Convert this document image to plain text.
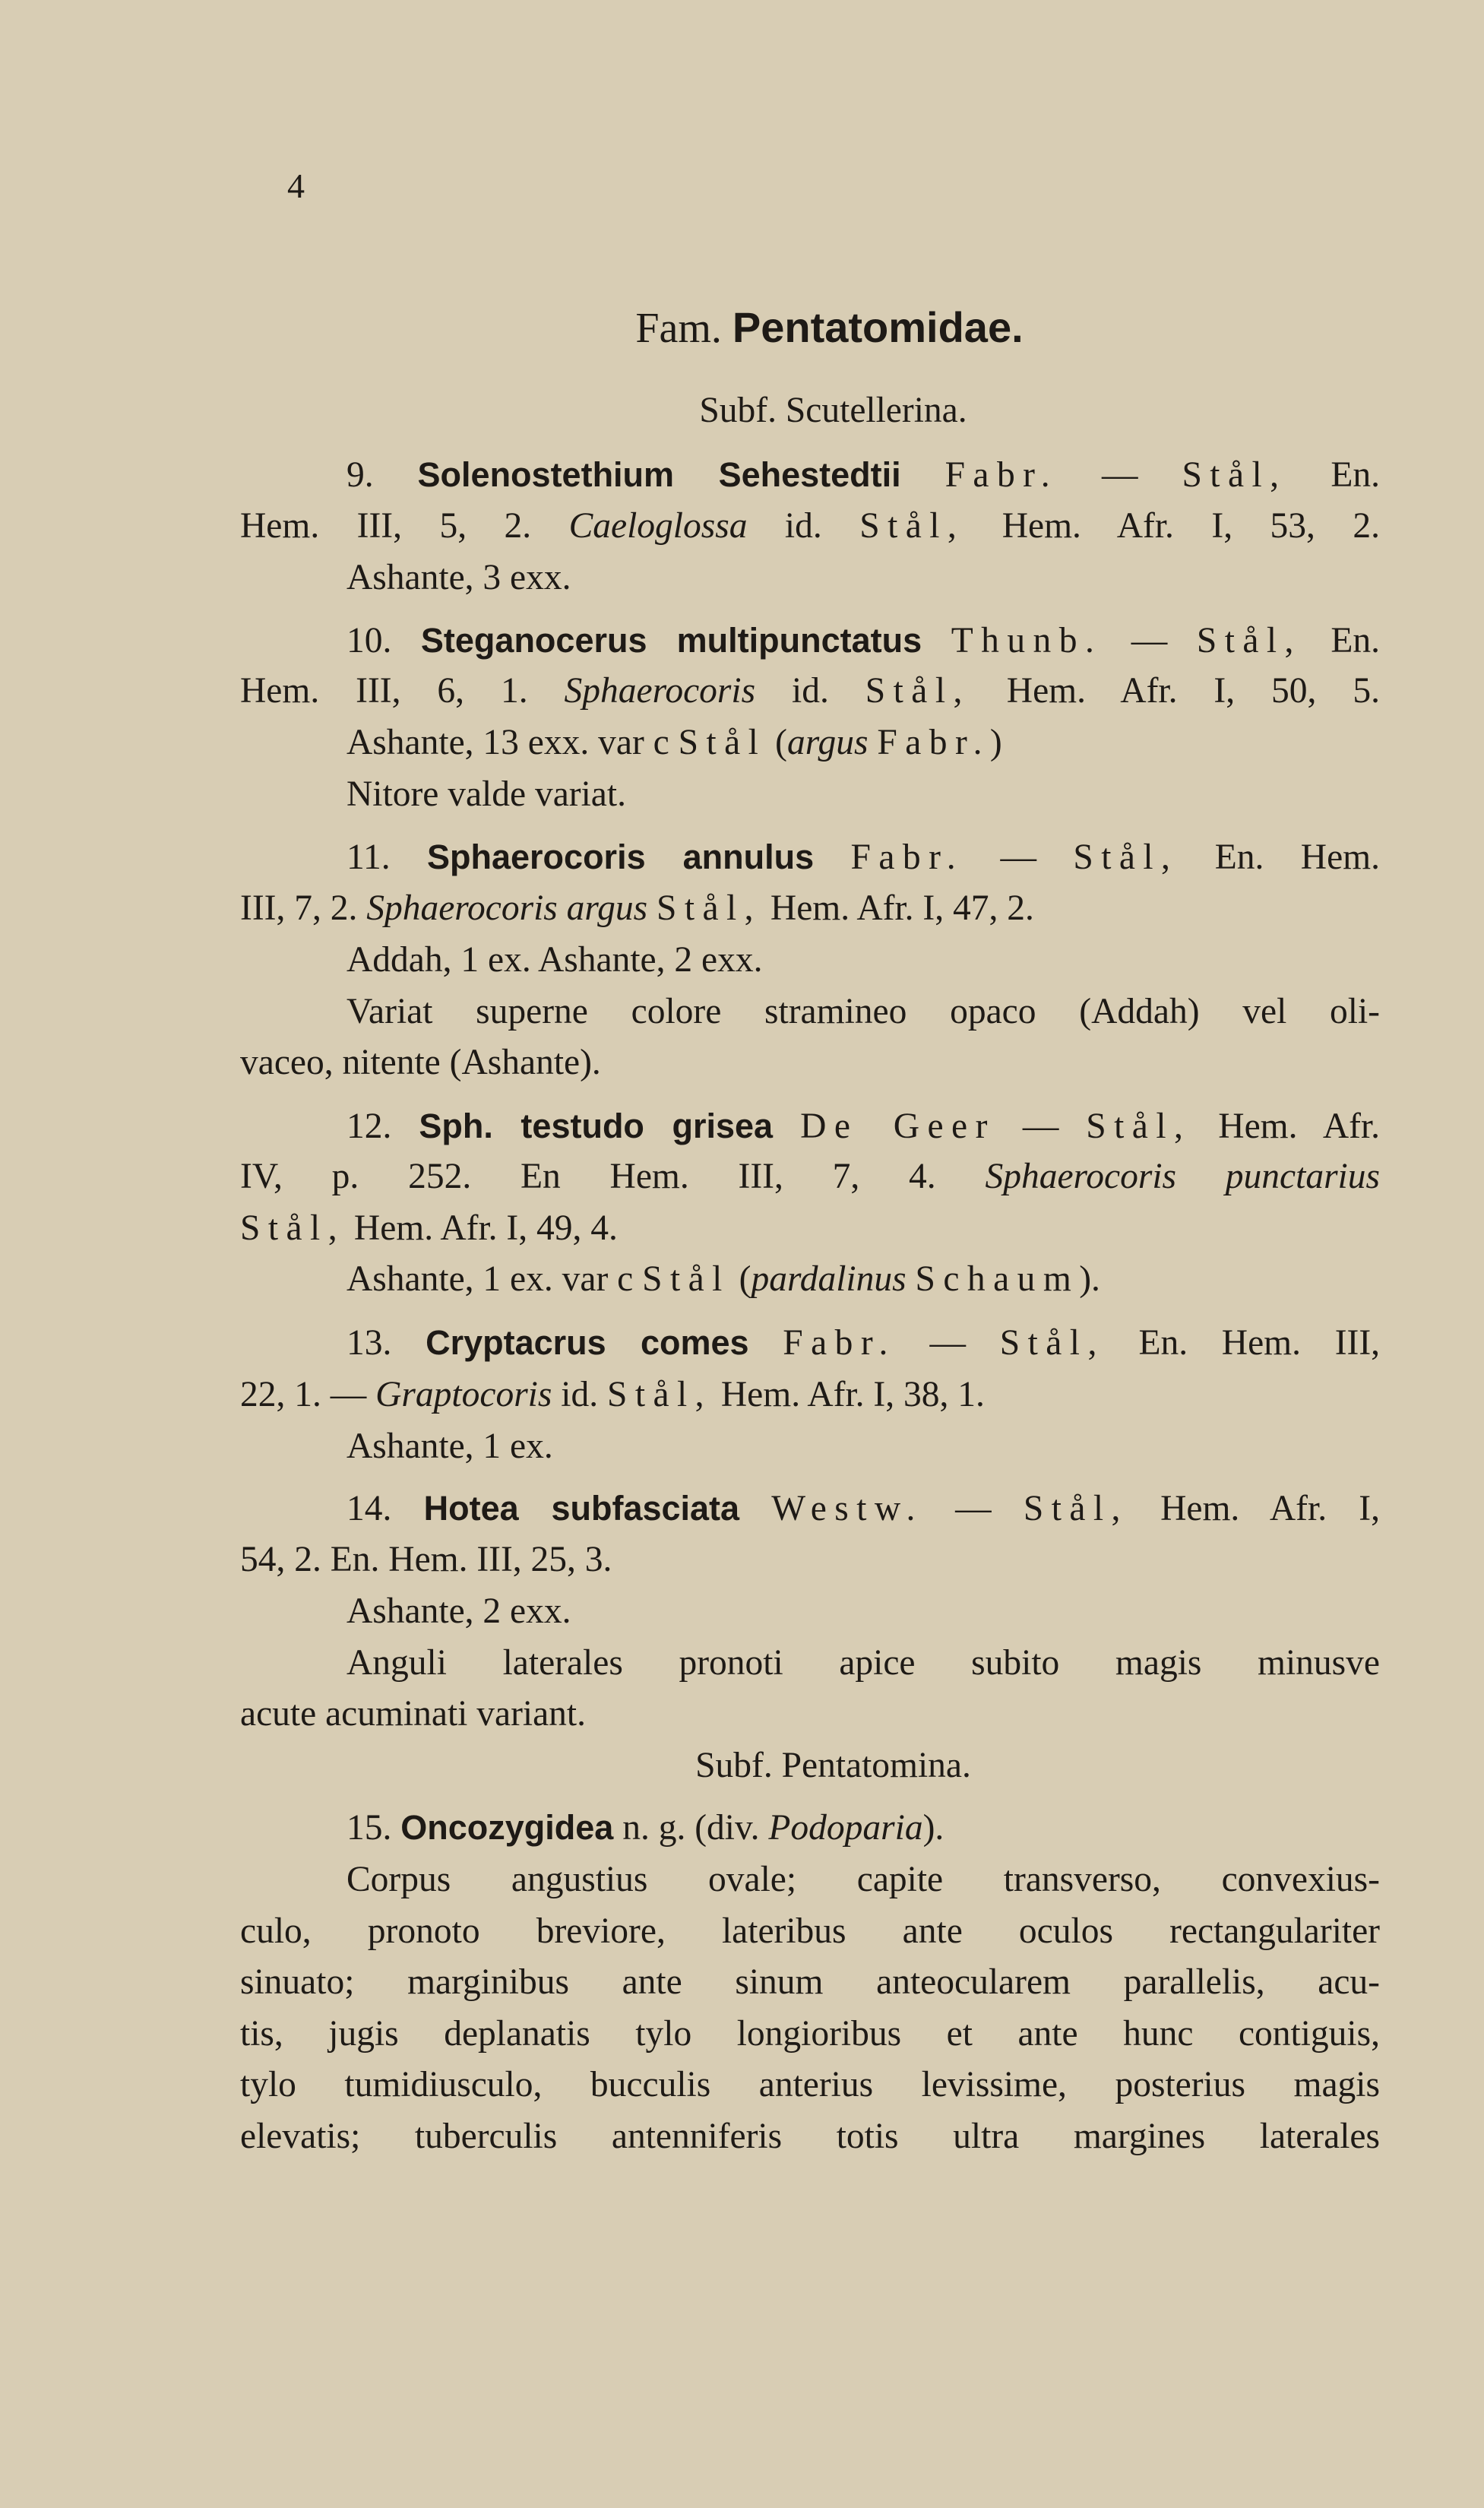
4
Fam. Pentatomidae.
Subf. Scutellerina.
9. Solenostethium Sehestedtii Fabr. — Stål, En.
Hem. III, 5, 2. Caeloglossa id. Stål, Hem. Afr. I, 53, 2.
Ashante, 3 exx.
10. Steganocerus multipunctatus Thunb. — Stål, En.
Hem. III, 6, 1. Sphaerocoris id. Stål, Hem. Afr. I, 50, 5.
Ashante, 13 exx. var c Stål (argus Fabr.)
Nitore valde variat.
11. Sphaerocoris annulus Fabr. — Stål, En. Hem.
III, 7, 2. Sphaerocoris argus Stål, Hem. Afr. I, 47, 2.
Addah, 1 ex. Ashante, 2 exx.
Variat superne colore stramineo opaco (Addah) vel oli-
vaceo, nitente (Ashante).
12. Sph. testudo grisea De Geer — Stål, Hem. Afr.
IV, p. 252. En Hem. III, 7, 4. Sphaerocoris punctarius
Stål, Hem. Afr. I, 49, 4.
Ashante, 1 ex. var c Stål (pardalinus Schaum).
13. Cryptacrus comes Fabr. — Stål, En. Hem. III,
22, 1. — Graptocoris id. Stål, Hem. Afr. I, 38, 1.
Ashante, 1 ex.
14. Hotea subfasciata Westw. — Stål, Hem. Afr. I,
54, 2. En. Hem. III, 25, 3.
Ashante, 2 exx.
Anguli laterales pronoti apice subito magis minusve
acute acuminati variant.
Subf. Pentatomina.
15. Oncozygidea n. g. (div. Podoparia).
Corpus angustius ovale; capite transverso, convexius-
culo, pronoto breviore, lateribus ante oculos rectangulariter
sinuato; marginibus ante sinum anteocularem parallelis, acu-
tis, jugis deplanatis tylo longioribus et ante hunc contiguis,
tylo tumidiusculo, bucculis anterius levissime, posterius magis
elevatis; tuberculis antenniferis totis ultra margines laterales
